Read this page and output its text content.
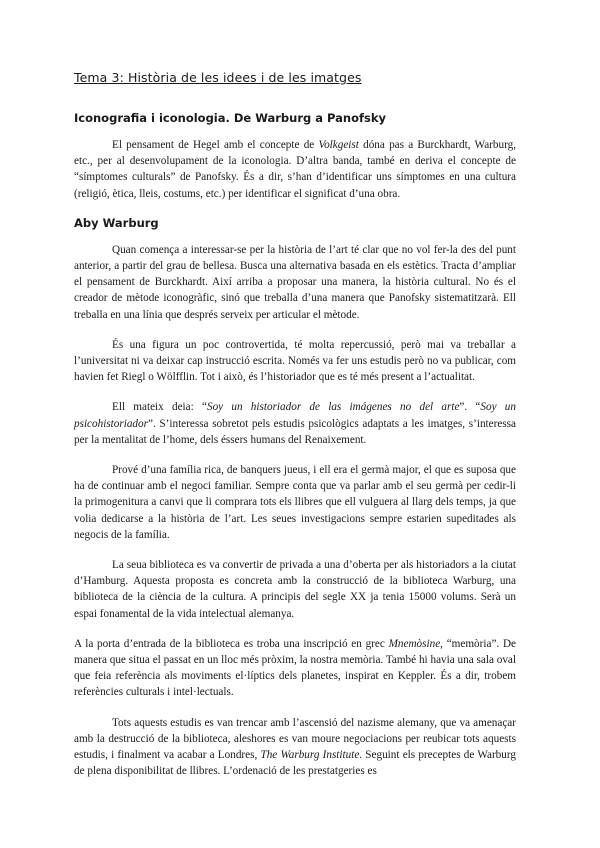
Tema 3: Història de les idees i de les imatges
Iconografia i iconologia. De Warburg a Panofsky

El pensament de Hegel amb el concepte de Volkgeist dóna pas a Burckhardt, Warburg, etc., per al desenvolupament de la iconologia. D’altra banda, també en deriva el concepte de “símptomes culturals” de Panofsky. És a dir, s’han d’identificar uns símptomes en una cultura (religió, ètica, lleis, costums, etc.) per identificar el significat d’una obra.

Aby Warburg

Quan comença a interessar-se per la història de l’art té clar que no vol fer-la des del punt anterior, a partir del grau de bellesa. Busca una alternativa basada en els estètics. Tracta d’ampliar el pensament de Burckhardt. Així arriba a proposar una manera, la història cultural. No és el creador de mètode iconogràfic, sinó que treballa d’una manera que Panofsky sistematitzarà. Ell treballa en una línia que després serveix per articular el mètode.

És una figura un poc controvertida, té molta repercussió, però mai va treballar a l’universitat ni va deixar cap instrucció escrita. Només va fer uns estudis però no va publicar, com havien fet Riegl o Wölfflin. Tot i això, és l’historiador que es té més present a l’actualitat.

Ell mateix deia: “Soy un historiador de las imágenes no del arte”. “Soy un psicohistoriador”. S’interessa sobretot pels estudis psicològics adaptats a les imatges, s’interessa per la mentalitat de l’home, dels éssers humans del Renaixement.

Prové d’una família rica, de banquers jueus, i ell era el germà major, el que es suposa que ha de continuar amb el negoci familiar. Sempre conta que va parlar amb el seu germà per cedir-li la primogenitura a canvi que li comprara tots els llibres que ell vulguera al llarg dels temps, ja que volia dedicarse a la història de l’art. Les seues investigacions sempre estarien supeditades als negocis de la família.

La seua biblioteca es va convertir de privada a una d’oberta per als historiadors a la ciutat d’Hamburg. Aquesta proposta es concreta amb la construcció de la biblioteca Warburg, una biblioteca de la ciència de la cultura. A principis del segle XX ja tenia 15000 volums. Serà un espai fonamental de la vida intelectual alemanya.

A la porta d’entrada de la biblioteca es troba una inscripció en grec Mnemòsine, “memòria”. De manera que situa el passat en un lloc més pròxim, la nostra memòria. També hi havia una sala oval que feia referència als moviments el·líptics dels planetes, inspirat en Keppler. És a dir, trobem referències culturals i intel·lectuals.

Tots aquests estudis es van trencar amb l’ascensió del nazisme alemany, que va amenaçar amb la destrucció de la biblioteca, aleshores es van moure negociacions per reubicar tots aquests estudis, i finalment va acabar a Londres, The Warburg Institute. Seguint els preceptes de Warburg de plena disponibilitat de llibres. L’ordenació de les prestatgeries es
